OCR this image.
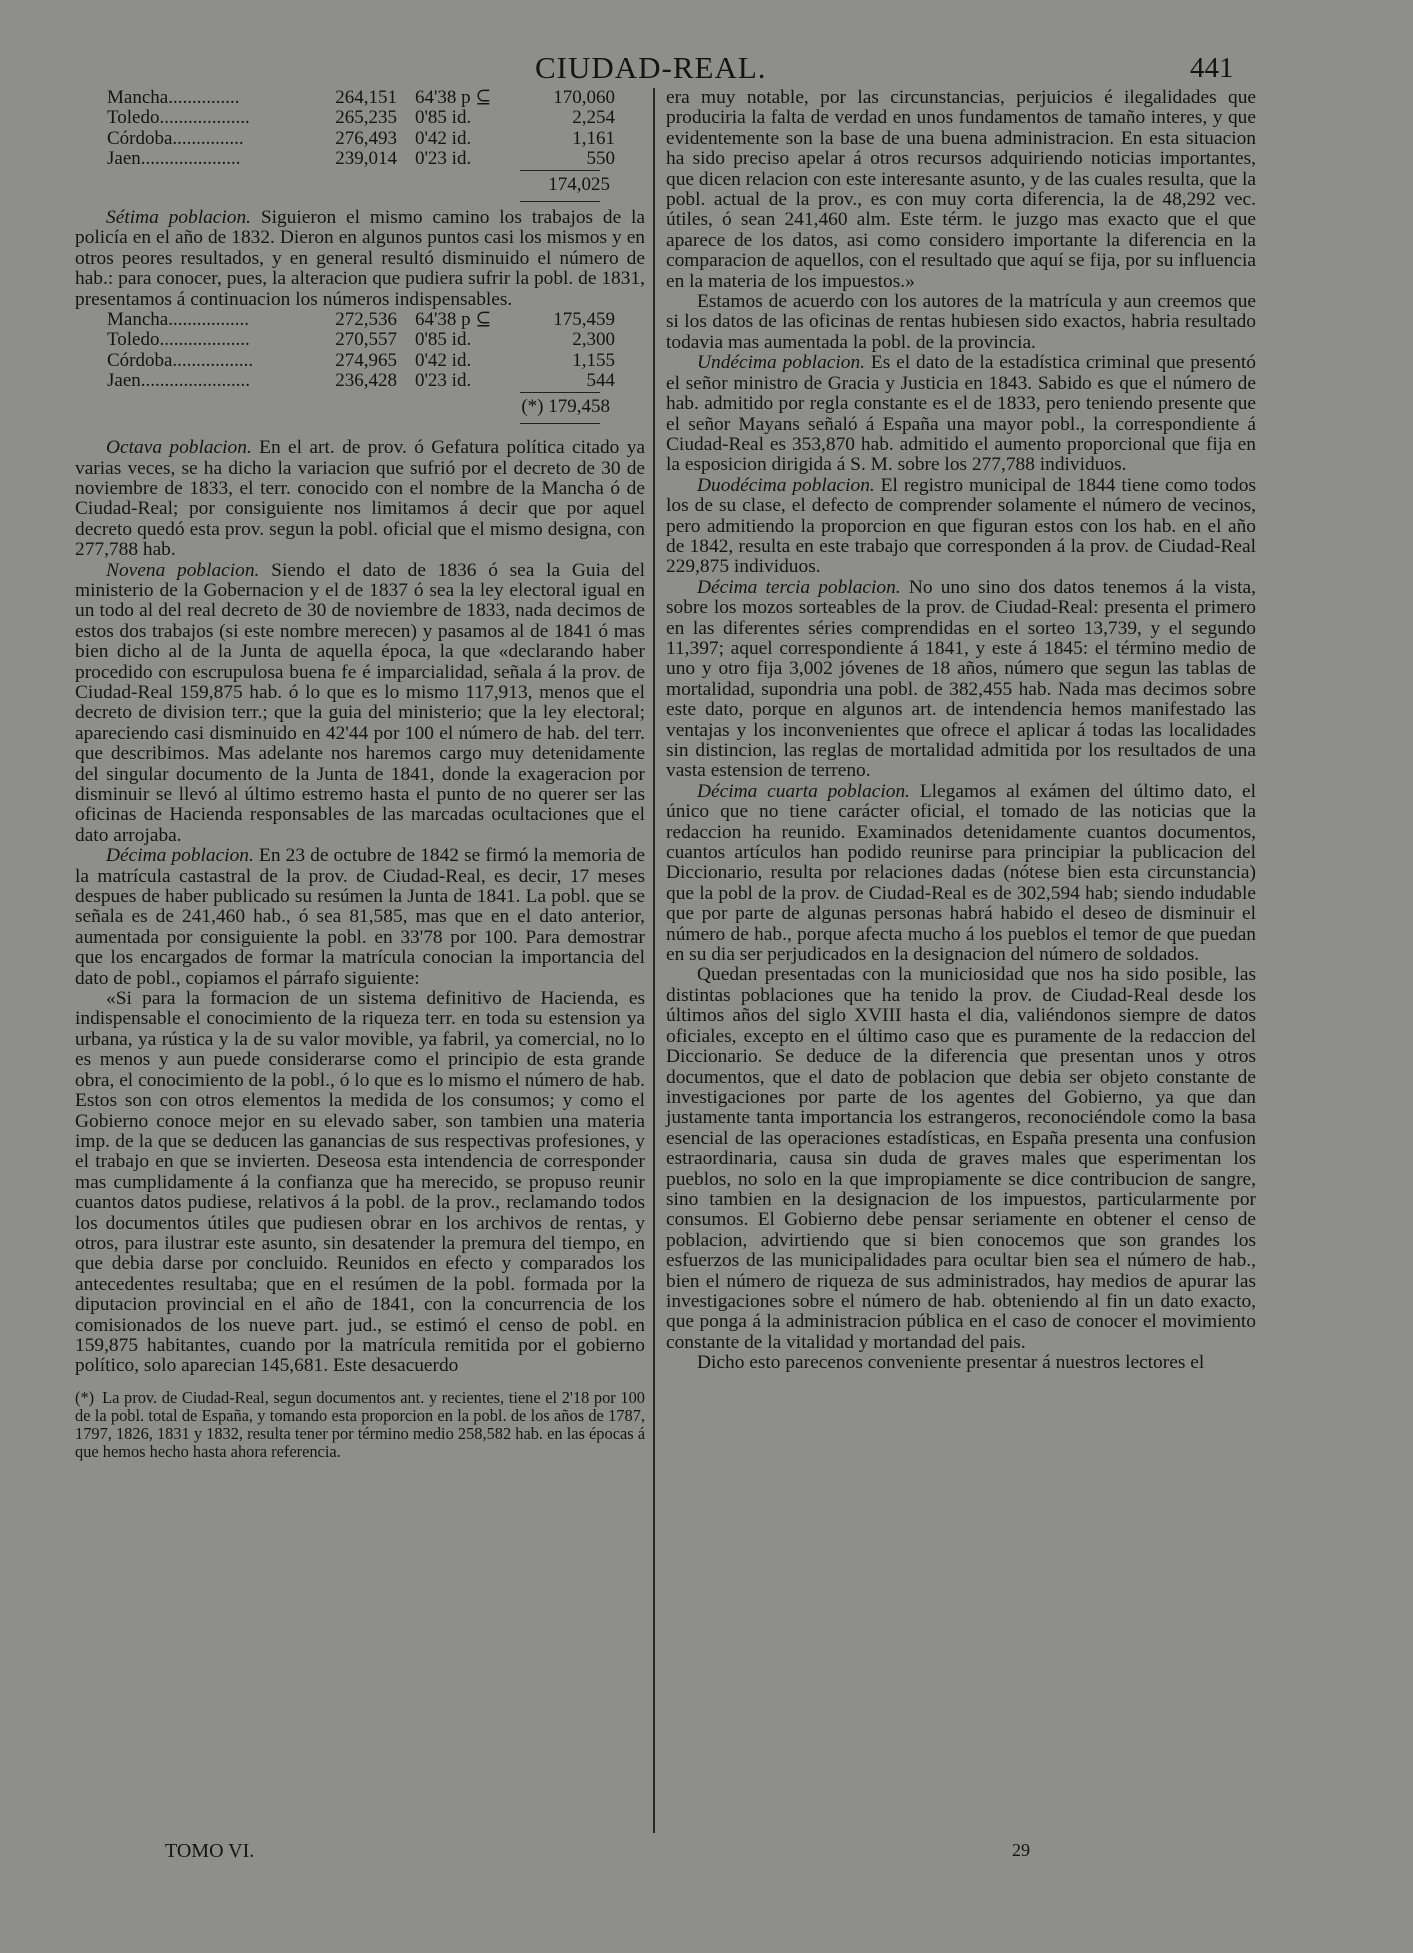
CIUDAD-REAL.	441
Mancha...............	264,151	64'38 p ⊆	170,060
Toledo...................	265,235	0'85 id.	2,254
Córdoba...............	276,493	0'42 id.	1,161
Jaen.....................	239,014	0'23 id.	550
174,025

Sétima poblacion. Siguieron el mismo camino los trabajos de la policía en el año de 1832. Dieron en algunos puntos casi los mismos y en otros peores resultados, y en general resultó disminuido el número de hab.: para conocer, pues, la alteracion que pudiera sufrir la pobl. de 1831, presentamos á continuacion los números indispensables.

Mancha.................	272,536	64'38 p ⊆	175,459
Toledo...................	270,557	0'85 id.	2,300
Córdoba.................	274,965	0'42 id.	1,155
Jaen.......................	236,428	0'23 id.	544
(*) 179,458

Octava poblacion. En el art. de prov. ó Gefatura política citado ya varias veces, se ha dicho la variacion que sufrió por el decreto de 30 de noviembre de 1833, el terr. conocido con el nombre de la Mancha ó de Ciudad-Real; por consiguiente nos limitamos á decir que por aquel decreto quedó esta prov. segun la pobl. oficial que el mismo designa, con 277,788 hab.

Novena poblacion. Siendo el dato de 1836 ó sea la Guia del ministerio de la Gobernacion y el de 1837 ó sea la ley electoral igual en un todo al del real decreto de 30 de noviembre de 1833, nada decimos de estos dos trabajos (si este nombre merecen) y pasamos al de 1841 ó mas bien dicho al de la Junta de aquella época, la que «declarando haber procedido con escrupulosa buena fe é imparcialidad, señala á la prov. de Ciudad-Real 159,875 hab. ó lo que es lo mismo 117,913, menos que el decreto de division terr.; que la guia del ministerio; que la ley electoral; apareciendo casi disminuido en 42'44 por 100 el número de hab. del terr. que describimos. Mas adelante nos haremos cargo muy detenidamente del singular documento de la Junta de 1841, donde la exageracion por disminuir se llevó al último estremo hasta el punto de no querer ser las oficinas de Hacienda responsables de las marcadas ocultaciones que el dato arrojaba.

Décima poblacion. En 23 de octubre de 1842 se firmó la memoria de la matrícula castastral de la prov. de Ciudad-Real, es decir, 17 meses despues de haber publicado su resúmen la Junta de 1841. La pobl. que se señala es de 241,460 hab., ó sea 81,585, mas que en el dato anterior, aumentada por consiguiente la pobl. en 33'78 por 100. Para demostrar que los encargados de formar la matrícula conocian la importancia del dato de pobl., copiamos el párrafo siguiente:

«Si para la formacion de un sistema definitivo de Hacienda, es indispensable el conocimiento de la riqueza terr. en toda su estension ya urbana, ya rústica y la de su valor movible, ya fabril, ya comercial, no lo es menos y aun puede considerarse como el principio de esta grande obra, el conocimiento de la pobl., ó lo que es lo mismo el número de hab. Estos son con otros elementos la medida de los consumos; y como el Gobierno conoce mejor en su elevado saber, son tambien una materia imp. de la que se deducen las ganancias de sus respectivas profesiones, y el trabajo en que se invierten. Deseosa esta intendencia de corresponder mas cumplidamente á la confianza que ha merecido, se propuso reunir cuantos datos pudiese, relativos á la pobl. de la prov., reclamando todos los documentos útiles que pudiesen obrar en los archivos de rentas, y otros, para ilustrar este asunto, sin desatender la premura del tiempo, en que debia darse por concluido. Reunidos en efecto y comparados los antecedentes resultaba; que en el resúmen de la pobl. formada por la diputacion provincial en el año de 1841, con la concurrencia de los comisionados de los nueve part. jud., se estimó el censo de pobl. en 159,875 habitantes, cuando por la matrícula remitida por el gobierno político, solo aparecian 145,681. Este desacuerdo

(*) La prov. de Ciudad-Real, segun documentos ant. y recientes, tiene el 2'18 por 100 de la pobl. total de España, y tomando esta proporcion en la pobl. de los años de 1787, 1797, 1826, 1831 y 1832, resulta tener por término medio 258,582 hab. en las épocas á que hemos hecho hasta ahora referencia.

era muy notable, por las circunstancias, perjuicios é ilegalidades que produciria la falta de verdad en unos fundamentos de tamaño interes, y que evidentemente son la base de una buena administracion. En esta situacion ha sido preciso apelar á otros recursos adquiriendo noticias importantes, que dicen relacion con este interesante asunto, y de las cuales resulta, que la pobl. actual de la prov., es con muy corta diferencia, la de 48,292 vec. útiles, ó sean 241,460 alm. Este térm. le juzgo mas exacto que el que aparece de los datos, asi como considero importante la diferencia en la comparacion de aquellos, con el resultado que aquí se fija, por su influencia en la materia de los impuestos.»

Estamos de acuerdo con los autores de la matrícula y aun creemos que si los datos de las oficinas de rentas hubiesen sido exactos, habria resultado todavia mas aumentada la pobl. de la provincia.

Undécima poblacion. Es el dato de la estadística criminal que presentó el señor ministro de Gracia y Justicia en 1843. Sabido es que el número de hab. admitido por regla constante es el de 1833, pero teniendo presente que el señor Mayans señaló á España una mayor pobl., la correspondiente á Ciudad-Real es 353,870 hab. admitido el aumento proporcional que fija en la esposicion dirigida á S. M. sobre los 277,788 individuos.

Duodécima poblacion. El registro municipal de 1844 tiene como todos los de su clase, el defecto de comprender solamente el número de vecinos, pero admitiendo la proporcion en que figuran estos con los hab. en el año de 1842, resulta en este trabajo que corresponden á la prov. de Ciudad-Real 229,875 individuos.

Décima tercia poblacion. No uno sino dos datos tenemos á la vista, sobre los mozos sorteables de la prov. de Ciudad-Real: presenta el primero en las diferentes séries comprendidas en el sorteo 13,739, y el segundo 11,397; aquel correspondiente á 1841, y este á 1845: el término medio de uno y otro fija 3,002 jóvenes de 18 años, número que segun las tablas de mortalidad, supondria una pobl. de 382,455 hab. Nada mas decimos sobre este dato, porque en algunos art. de intendencia hemos manifestado las ventajas y los inconvenientes que ofrece el aplicar á todas las localidades sin distincion, las reglas de mortalidad admitida por los resultados de una vasta estension de terreno.

Décima cuarta poblacion. Llegamos al exámen del último dato, el único que no tiene carácter oficial, el tomado de las noticias que la redaccion ha reunido. Examinados detenidamente cuantos documentos, cuantos artículos han podido reunirse para principiar la publicacion del Diccionario, resulta por relaciones dadas (nótese bien esta circunstancia) que la pobl de la prov. de Ciudad-Real es de 302,594 hab; siendo indudable que por parte de algunas personas habrá habido el deseo de disminuir el número de hab., porque afecta mucho á los pueblos el temor de que puedan en su dia ser perjudicados en la designacion del número de soldados.

Quedan presentadas con la municiosidad que nos ha sido posible, las distintas poblaciones que ha tenido la prov. de Ciudad-Real desde los últimos años del siglo XVIII hasta el dia, valiéndonos siempre de datos oficiales, excepto en el último caso que es puramente de la redaccion del Diccionario. Se deduce de la diferencia que presentan unos y otros documentos, que el dato de poblacion que debia ser objeto constante de investigaciones por parte de los agentes del Gobierno, ya que dan justamente tanta importancia los estrangeros, reconociéndole como la basa esencial de las operaciones estadísticas, en España presenta una confusion estraordinaria, causa sin duda de graves males que esperimentan los pueblos, no solo en la que impropiamente se dice contribucion de sangre, sino tambien en la designacion de los impuestos, particularmente por consumos. El Gobierno debe pensar seriamente en obtener el censo de poblacion, advirtiendo que si bien conocemos que son grandes los esfuerzos de las municipalidades para ocultar bien sea el número de hab., bien el número de riqueza de sus administrados, hay medios de apurar las investigaciones sobre el número de hab. obteniendo al fin un dato exacto, que ponga á la administracion pública en el caso de conocer el movimiento constante de la vitalidad y mortandad del pais.

Dicho esto parecenos conveniente presentar á nuestros lectores el

TOMO VI.	29
